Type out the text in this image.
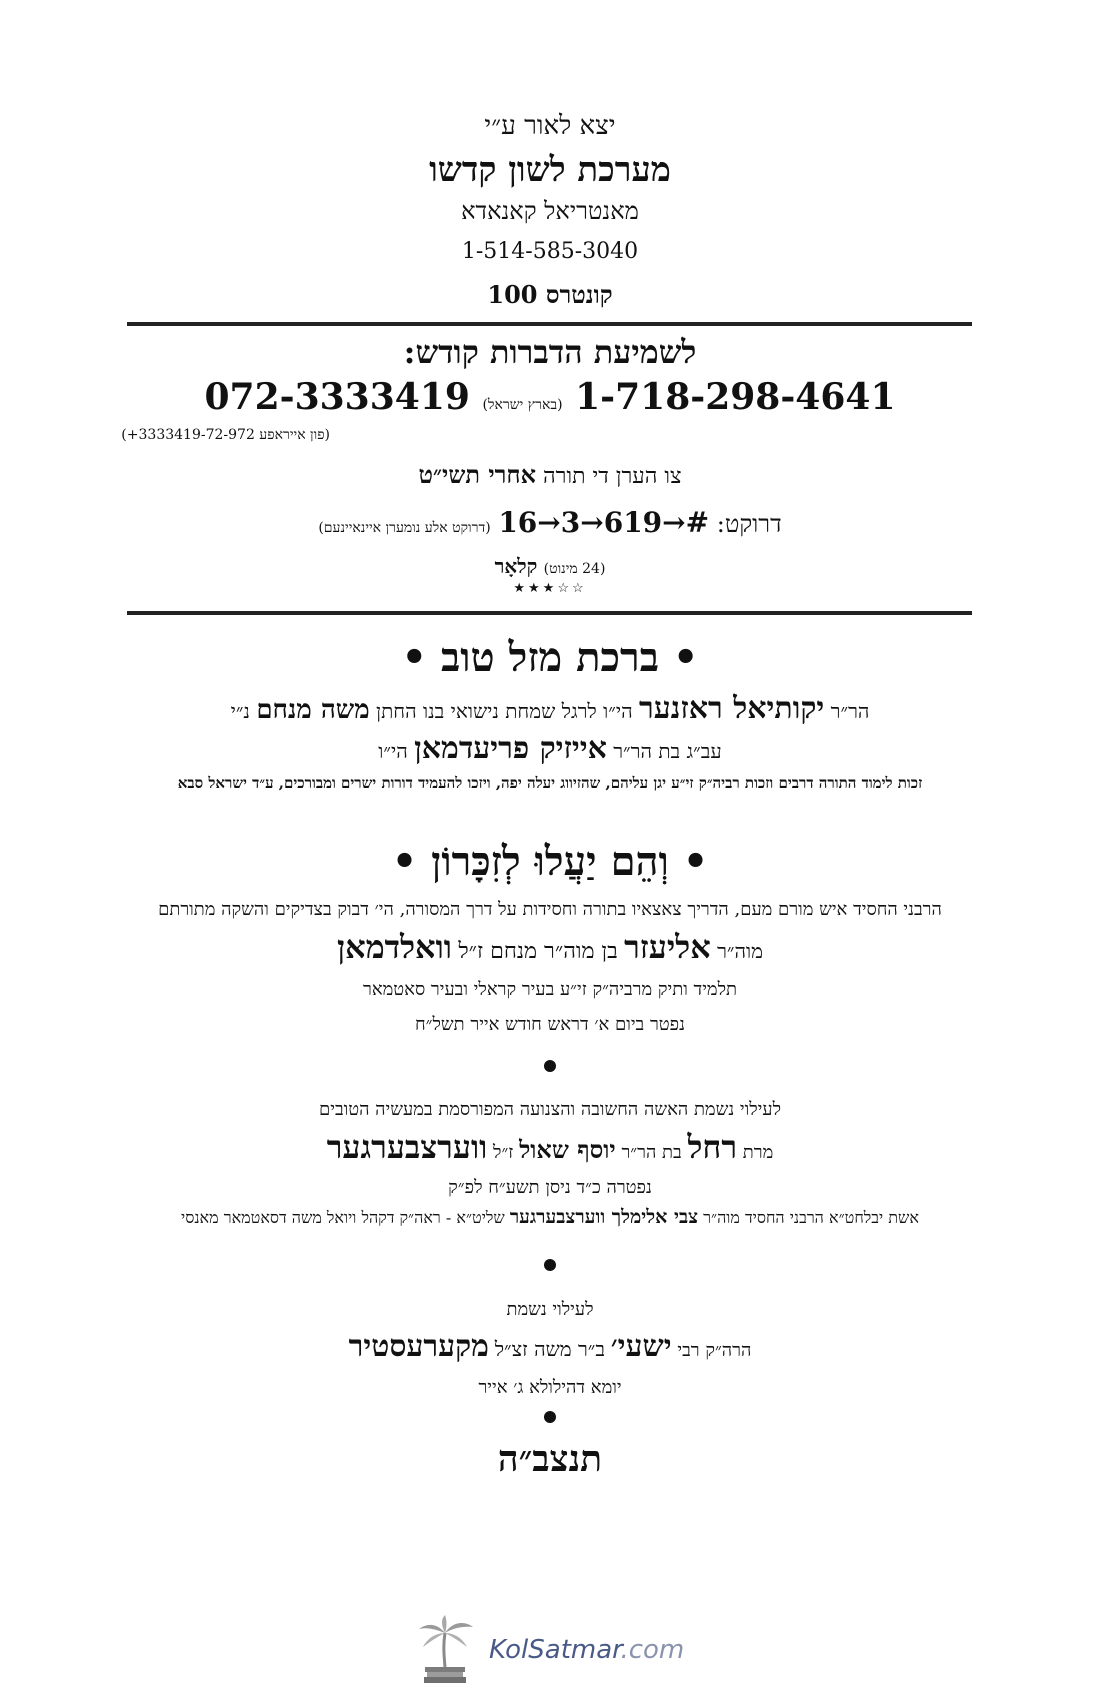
יצא לאור ע״י
מערכת לשון קדשו
מאנטריאל קאנאדא
1-514-585-3040
קונטרס 100
לשמיעת הדברות קודש:
1-718-298-4641 (בארץ ישראל) 072-3333419
(פון אייראפע 3333419-72-972+)
צו הערן די תורה אחרי תשי״ט
דרוקט: #→619→3→16 (דרוקט אלע נומערן איינאיינעם)
(24 מינוט) קלאָר
★★★☆☆
• ברכת מזל טוב •
הר״ר יקותיאל ראזנער הי״ו לרגל שמחת נישואי בנו החתן משה מנחם נ״י
עב״ג בת הר״ר אייזיק פריעדמאן הי״ו
זכות לימוד התורה דרבים וזכות רביה״ק זי״ע יגן עליהם, שהזיווג יעלה יפה, ויזכו להעמיד דורות ישרים ומבורכים, ע״ד ישראל סבא
• וְהֵם יַעֲלוּ לְזִכָּרוֹן •
הרבני החסיד איש מורם מעם, הדריך צאצאיו בתורה וחסידות על דרך המסורה, הי׳ דבוק בצדיקים והשקה מתורתם
מוה״ר אליעזר בן מוה״ר מנחם ז״ל וואלדמאן
תלמיד ותיק מרביה״ק זי״ע בעיר קראלי ובעיר סאטמאר
נפטר ביום א׳ דראש חודש אייר תשל״ח
לעילוי נשמת האשה החשובה והצנועה המפורסמת במעשיה הטובים
מרת רחל בת הר״ר יוסף שאול ז״ל ווערצבערגער
נפטרה כ״ד ניסן תשע״ח לפ״ק
אשת יבלחט״א הרבני החסיד מוה״ר צבי אלימלך ווערצבערגער שליט״א - ראה״ק דקהל ויואל משה דסאטמאר מאנסי
לעילוי נשמת
הרה״ק רבי ישעי׳ ב״ר משה זצ״ל מקערעסטיר
יומא דהילולא ג׳ אייר
תנצב״ה
KolSatmar.com
